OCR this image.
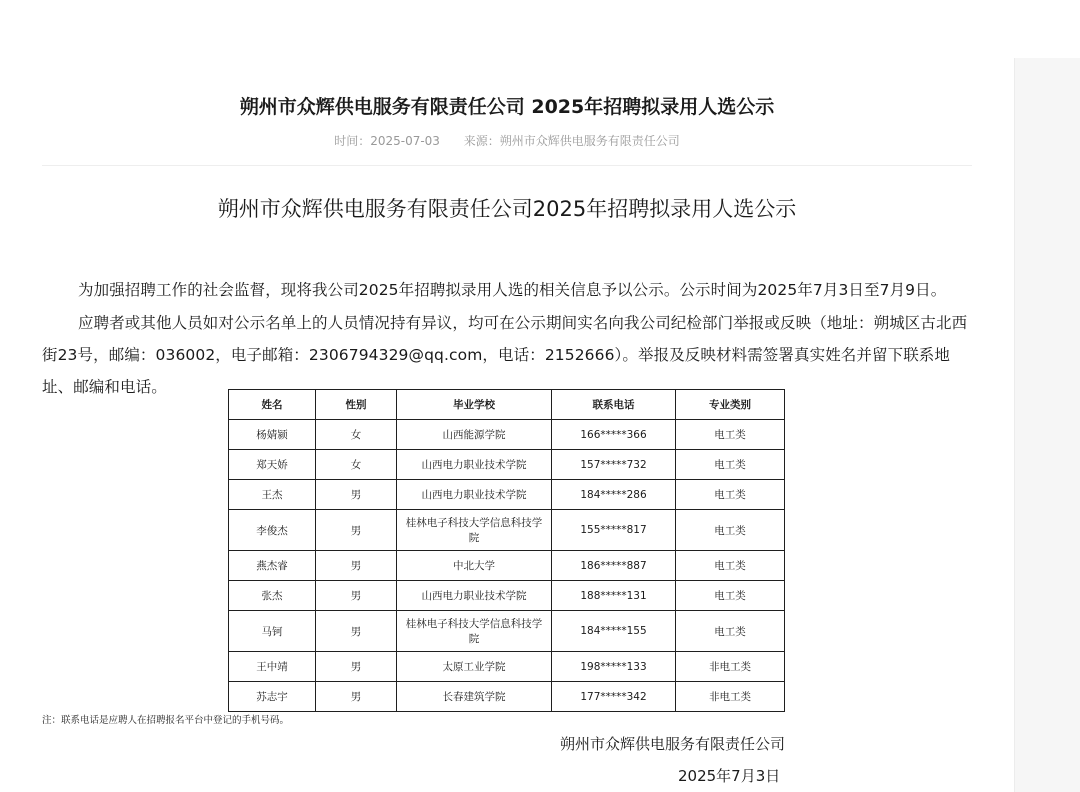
朔州市众辉供电服务有限责任公司 2025年招聘拟录用人选公示
时间：2025-07-03 来源：朔州市众辉供电服务有限责任公司
朔州市众辉供电服务有限责任公司2025年招聘拟录用人选公示

为加强招聘工作的社会监督，现将我公司2025年招聘拟录用人选的相关信息予以公示。公示时间为2025年7月3日至7月9日。

应聘者或其他人员如对公示名单上的人员情况持有异议，均可在公示期间实名向我公司纪检部门举报或反映（地址：朔城区古北西街23号，邮编：036002，电子邮箱：2306794329@qq.com，电话：2152666）。举报及反映材料需签署真实姓名并留下联系地址、邮编和电话。

姓名	性别	毕业学校	联系电话	专业类别
杨婧颍	女	山西能源学院	166*****366	电工类
郑天娇	女	山西电力职业技术学院	157*****732	电工类
王杰	男	山西电力职业技术学院	184*****286	电工类
李俊杰	男	桂林电子科技大学信息科技学院	155*****817	电工类
燕杰睿	男	中北大学	186*****887	电工类
张杰	男	山西电力职业技术学院	188*****131	电工类
马钶	男	桂林电子科技大学信息科技学院	184*****155	电工类
王中靖	男	太原工业学院	198*****133	非电工类
苏志宇	男	长春建筑学院	177*****342	非电工类
注：联系电话是应聘人在招聘报名平台中登记的手机号码。
朔州市众辉供电服务有限责任公司
2025年7月3日
